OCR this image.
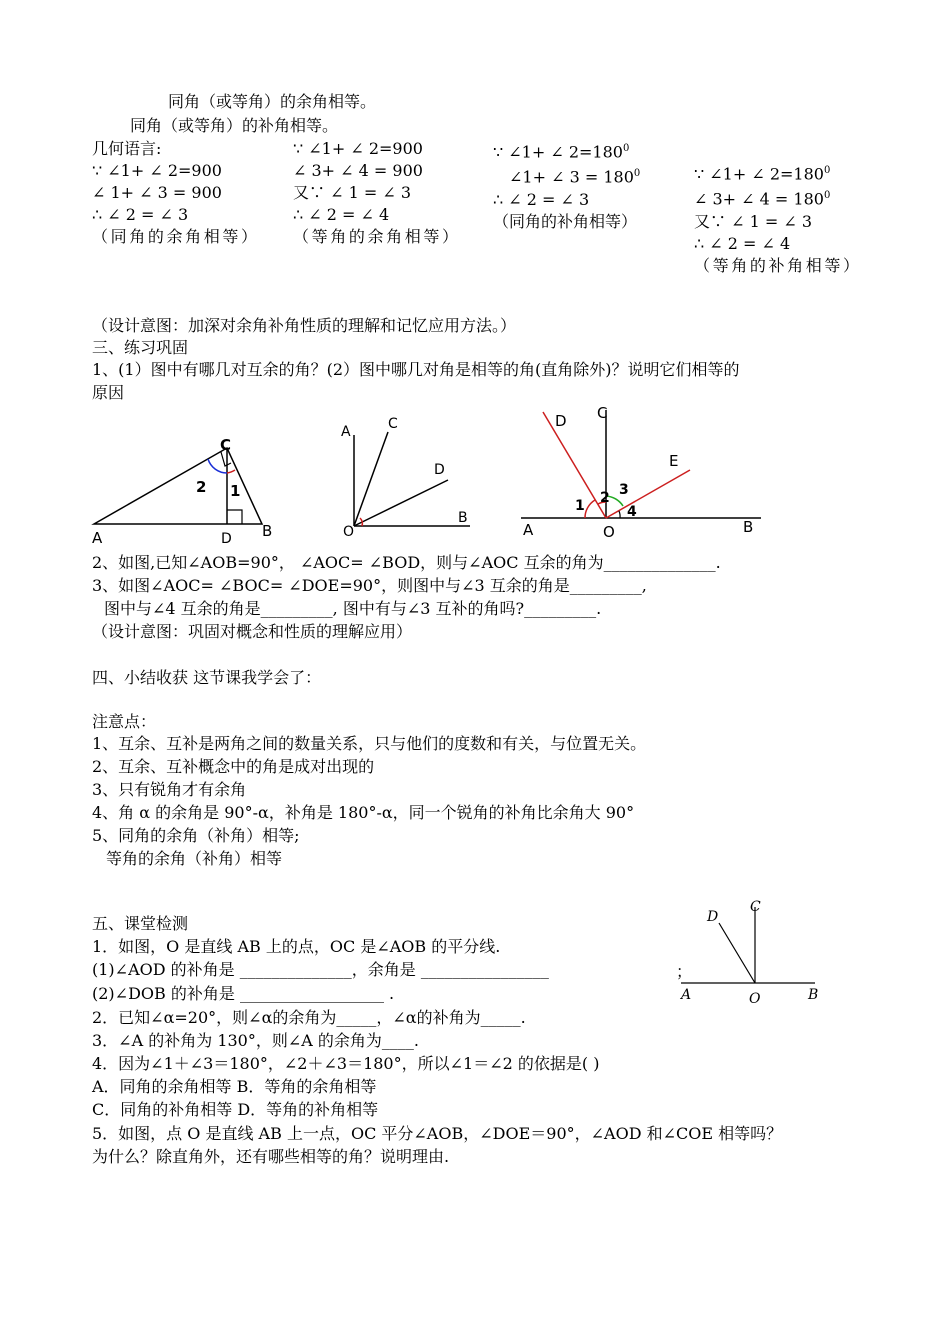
同角（或等角）的余角相等。
同角（或等角）的补角相等。
几何语言:
∵ ∠1+ ∠ 2=900
∠ 1+ ∠ 3 = 900
∴ ∠ 2 = ∠ 3
（同角的余角相等）
∵ ∠1+ ∠ 2=900
∠ 3+ ∠ 4 = 900
又∵ ∠ 1 = ∠ 3
∴ ∠ 2 = ∠ 4
（等角的余角相等）
∵ ∠1+ ∠ $2=180^0$
∠1+ ∠ $3 = 180^0$
∴ ∠ 2 = ∠ 3
（同角的补角相等）
∵ ∠1+ ∠ $2=180^0$
∠ 3+ ∠ $4 = 180^0$
又∵ ∠ 1 = ∠ 3
∴ ∠ 2 = ∠ 4
（等角的补角相等）
（设计意图：加深对余角补角性质的理解和记忆应用方法。）
三、练习巩固
1、(1）图中有哪几对互余的角？(2）图中哪几对角是相等的角(直角除外)？说明它们相等的
原因
C
2 1
A	D B
A	C
D
O
B
D C
E
1 2 3
4
A	O	B
2、如图,已知∠AOB=90°， ∠AOC= ∠BOD，则与∠AOC 互余的角为______________.
3、如图∠AOC= ∠BOC= ∠DOE=90°，则图中与∠3 互余的角是_________,
图中与∠4 互余的角是_________, 图中有与∠3 互补的角吗?_________.
（设计意图：巩固对概念和性质的理解应用）
四、小结收获 这节课我学会了：
注意点：
1、互余、互补是两角之间的数量关系，只与他们的度数和有关，与位置无关。
2、互余、互补概念中的角是成对出现的
3、只有锐角才有余角
4、角 α 的余角是 90°-α，补角是 180°-α，同一个锐角的补角比余角大 90°
5、同角的余角（补角）相等;
等角的余角（补角）相等
五、课堂检测
1．如图，O 是直线 AB 上的点，OC 是∠AOB 的平分线.
(1)∠AOD 的补角是 ______________，余角是 ________________	；
(2)∠DOB 的补角是 __________________ .
2．已知∠α=20°，则∠α的余角为_____，∠α的补角为_____.
3．∠A 的补角为 130°，则∠A 的余角为____.
4．因为∠1＋∠3＝180°，∠2＋∠3＝180°，所以∠1＝∠2 的依据是( )
A．同角的余角相等 B．等角的余角相等
C．同角的补角相等 D．等角的补角相等
5．如图，点 O 是直线 AB 上一点，OC 平分∠AOB，∠DOE＝90°，∠AOD 和∠COE 相等吗？
为什么？除直角外，还有哪些相等的角？说明理由.
D
C
A	O	B
